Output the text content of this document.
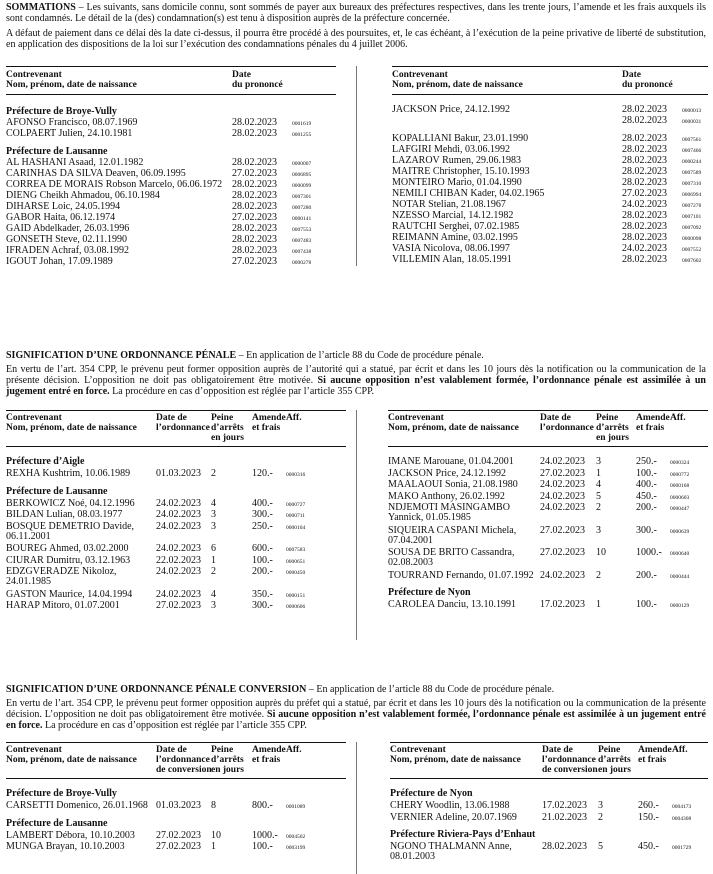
SOMMATIONS – Les suivants, sans domicile connu, sont sommés de payer aux bureaux des préfectures respectives, dans les trente jours, l’amende et les frais auxquels ils sont condamnés. Le détail de la (des) condamnation(s) est tenu à disposition auprès de la préfecture concernée.
A défaut de paiement dans ce délai dès la date ci-dessus, il pourra être procédé à des poursuites, et, le cas échéant, à l’exécution de la peine privative de liberté de substitution, en application des dispositions de la loi sur l’exécution des condamnations pénales du 4 juillet 2006.
Contrevenant
Nom, prénom, date de naissance
Date
du prononcé
Préfecture de Broye-Vully
AFONSO Francisco, 08.07.1969	28.02.2023	0001619
COLPAERT Julien, 24.10.1981	28.02.2023	0001255
Préfecture de Lausanne
AL HASHANI Asaad, 12.01.1982	28.02.2023	0000007
CARINHAS DA SILVA Deaven, 06.09.1995	27.02.2023	0006895
CORREA DE MORAIS Robson Marcelo, 06.06.1972 28.02.2023	0000099
DIENG Cheikh Ahmadou, 06.10.1984	28.02.2023	0007301
DIHARSE Loic, 24.05.1994	28.02.2023	0007280
GABOR Haita, 06.12.1974	27.02.2023	0000141
GAID Abdelkader, 26.03.1996	28.02.2023	0007553
GONSETH Steve, 02.11.1990	28.02.2023	0007483
IFRADEN Achraf, 03.08.1992	28.02.2023	0007438
IGOUT Johan, 17.09.1989	27.02.2023	0000278
Contrevenant
Nom, prénom, date de naissance
Date
du prononcé
JACKSON Price, 24.12.1992	28.02.2023	0000013
28.02.2023	0000031
KOPALLIANI Bakur, 23.01.1990	28.02.2023	0007561
LAFGIRI Mehdi, 03.06.1992	28.02.2023	0007466
LAZAROV Rumen, 29.06.1983	28.02.2023	0000244
MAITRE Christopher, 15.10.1993	28.02.2023	0007589
MONTEIRO Mario, 01.04.1990	28.02.2023	0007310
NEMILI CHIBAN Kader, 04.02.1965	27.02.2023	0006994
NOTAR Stelian, 21.08.1967	24.02.2023	0007278
NZESSO Marcial, 14.12.1982	28.02.2023	0007101
RAUTCHI Serghei, 07.02.1985	28.02.2023	0007092
REIMANN Amine, 03.02.1995	28.02.2023	0000098
VASIA Nicolova, 08.06.1997	24.02.2023	0007552
VILLEMIN Alan, 18.05.1991	28.02.2023	0007602
SIGNIFICATION D’UNE ORDONNANCE PÉNALE – En application de l’article 88 du Code de procédure pénale.
En vertu de l’art. 354 CPP, le prévenu peut former opposition auprès de l’autorité qui a statué, par écrit et dans les 10 jours dès la notification ou la communication de la présente décision. L’opposition ne doit pas obligatoirement être motivée. Si aucune opposition n’est valablement formée, l’ordonnance pénale est assimilée à un jugement entré en force. La procédure en cas d’opposition est réglée par l’article 355 CPP.
Contrevenant
Nom, prénom, date de naissance
Date de
l’ordonnance
Peine
d’arrêts
en jours
Amende
et frais
Aff.
Préfecture d’Aigle
REXHA Kushtrim, 10.06.1989	01.03.2023 2	120.- 0000316
Préfecture de Lausanne
BERKOWICZ Noé, 04.12.1996 24.02.2023 4	400.- 0000727
BILDAN Lulian, 08.03.1977	24.02.2023 3	300.- 0000711
BOSQUE DEMETRIO Davide,
06.11.2001
24.02.2023 3	250.- 0000104
BOUREG Ahmed, 03.02.2000	24.02.2023 6	600.- 0007583
CIURAR Dumitru, 03.12.1963	22.02.2023 1	100.- 0000651
EDZGVERADZE Nikoloz,
24.01.1985
24.02.2023 2	200.- 0000450
GASTON Maurice, 14.04.1994 24.02.2023 4	350.- 0000151
HARAP Mitoro, 01.07.2001	27.02.2023 3	300.- 0000606
Contrevenant
Nom, prénom, date de naissance
Date de
l’ordonnance
Peine
d’arrêts
en jours
Amende
et frais
Aff.
IMANE Marouane, 01.04.2001	24.02.2023 3	250.- 0000324
JACKSON Price, 24.12.1992	27.02.2023 1	100.- 0000772
MAALAOUI Sonia, 21.08.1980 24.02.2023 4	400.- 0000168
MAKO Anthony, 26.02.1992	24.02.2023 5	450.- 0000603
NDJEMOTI MASINGAMBO
Yannick, 01.05.1985
24.02.2023 2	200.- 0000447
SIQUEIRA CASPANI Michela,
07.04.2001
27.02.2023 3	300.- 0000639
SOUSA DE BRITO Cassandra,
02.08.2003
27.02.2023 10	1000.- 0000640
TOURRAND Fernando, 01.07.1992 24.02.2023 2	200.- 0000444
Préfecture de Nyon
CAROLEA Danciu, 13.10.1991 17.02.2023 1	100.- 0000129
SIGNIFICATION D’UNE ORDONNANCE PÉNALE CONVERSION – En application de l’article 88 du Code de procédure pénale.
En vertu de l’art. 354 CPP, le prévenu peut former opposition auprès du préfet qui a statué, par écrit et dans les 10 jours dès la notification ou la communication de la présente décision. L’opposition ne doit pas obligatoirement être motivée. Si aucune opposition n’est valablement formée, l’ordonnance pénale est assimilée à un jugement entré en force. La procédure en cas d’opposition est réglée par l’article 355 CPP.
Contrevenant
Nom, prénom, date de naissance
Date de
l’ordonnance
de conversion
Peine
d’arrêts
en jours
Amende
et frais
Aff.
Préfecture de Broye-Vully
CARSETTI Domenico, 26.01.1968 01.03.2023 8	800.- 0001089
Préfecture de Lausanne
LAMBERT Débora, 10.10.2003 27.02.2023 10	1000.- 0004502
MUNGA Brayan, 10.10.2003	27.02.2023 1	100.- 0003199
Contrevenant
Nom, prénom, date de naissance
Date de
l’ordonnance
de conversion
Peine
d’arrêts
en jours
Amende
et frais
Aff.
Préfecture de Nyon
CHERY Woodlin, 13.06.1988	17.02.2023 3	260.- 0004173
VERNIER Adeline, 20.07.1969	21.02.2023 2	150.- 0004308
Préfecture Riviera-Pays d’Enhaut
NGONO THALMANN Anne,
08.01.2003
28.02.2023 5	450.- 0001729
